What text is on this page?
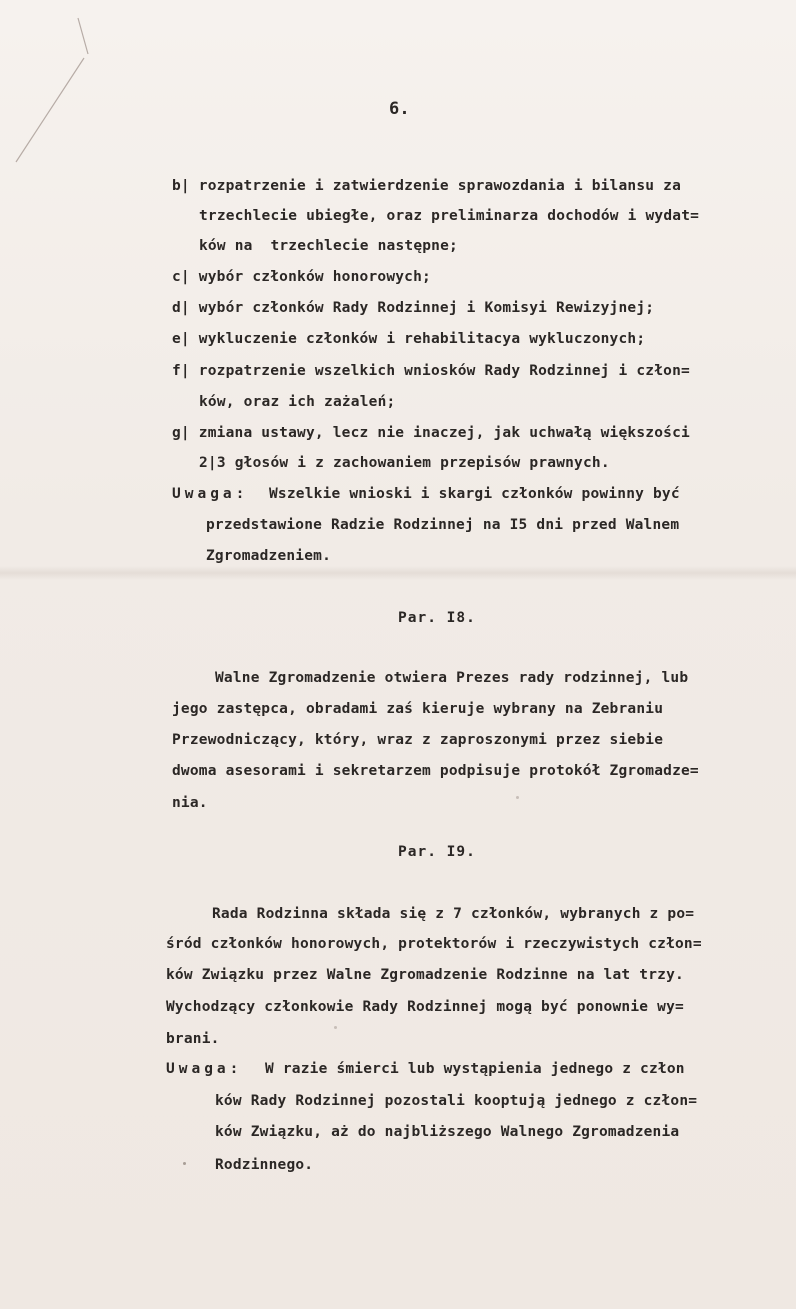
6.
b| rozpatrzenie i zatwierdzenie sprawozdania i bilansu za
trzechlecie ubiegłe, oraz preliminarza dochodów i wydat=
ków na  trzechlecie następne;
c| wybór członków honorowych;
d| wybór członków Rady Rodzinnej i Komisyi Rewizyjnej;
e| wykluczenie członków i rehabilitacya wykluczonych;
f| rozpatrzenie wszelkich wniosków Rady Rodzinnej i człon=
ków, oraz ich zażaleń;
g| zmiana ustawy, lecz nie inaczej, jak uchwałą większości
2|3 głosów i z zachowaniem przepisów prawnych.
Uwaga: Wszelkie wnioski i skargi członków powinny być
przedstawione Radzie Rodzinnej na I5 dni przed Walnem
Zgromadzeniem.
Par. I8.
Walne Zgromadzenie otwiera Prezes rady rodzinnej, lub
jego zastępca, obradami zaś kieruje wybrany na Zebraniu
Przewodniczący, który, wraz z zaproszonymi przez siebie
dwoma asesorami i sekretarzem podpisuje protokół Zgromadze=
nia.
Par. I9.
Rada Rodzinna składa się z 7 członków, wybranych z po=
śród członków honorowych, protektorów i rzeczywistych człon=
ków Związku przez Walne Zgromadzenie Rodzinne na lat trzy.
Wychodzący członkowie Rady Rodzinnej mogą być ponownie wy=
brani.
Uwaga: W razie śmierci lub wystąpienia jednego z człon
ków Rady Rodzinnej pozostali kooptują jednego z człon=
ków Związku, aż do najbliższego Walnego Zgromadzenia
Rodzinnego.
